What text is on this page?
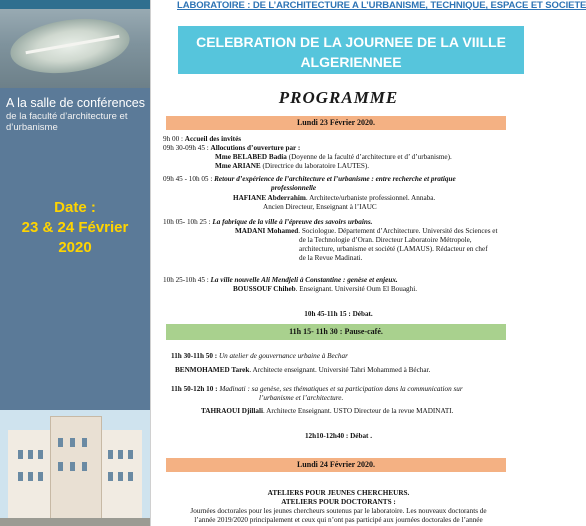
A la salle de conférences
de la faculté d’architecture et d’urbanisme
Date :
23 & 24 Février
2020
LABORATOIRE : DE L’ARCHITECTURE A L’URBANISME, TECHNIQUE, ESPACE ET SOCIETE
CELEBRATION DE LA JOURNEE DE LA VIILLE
ALGERIENNEE
PROGRAMME
Lundi 23 Février 2020.
9h 00 : Accueil des invités
09h 30-09h 45 : Allocutions d’ouverture par :
Mme BELABED Badia (Doyenne de la faculté d’architecture et d’ d’urbanisme).
Mme ARIANE (Directrice du laboratoire LAUTES).
09h 45 - 10h 05 : Retour d’expérience de l’architecture et l’urbanisme : entre recherche et pratique
professionnelle
HAFIANE Abderrahim. Architecte/urbaniste professionnel. Annaba.
Ancien Directeur, Enseignant à l’IAUC
10h 05- 10h 25 : La fabrique de la ville à l’épreuve des savoirs urbains.
MADANI Mohamed. Sociologue. Département d’Architecture. Université des Sciences et
de la Technologie d’Oran. Directeur Laboratoire Métropole,
architecture, urbanisme et société (LAMAUS). Rédacteur en chef
de la Revue Madinati.
10h 25-10h 45 : La ville nouvelle Ali Mendjeli à Constantine : genèse et enjeux.
BOUSSOUF Chiheb. Enseignant. Université Oum El Bouaghi.
10h 45-11h 15 : Débat.
11h 15- 11h 30 : Pause-café.
11h 30-11h 50 : Un atelier de gouvernance urbaine à Bechar
BENMOHAMED Tarek. Architecte enseignant. Université Tahri Mohammed à Béchar.
11h 50-12h 10 : Madinati : sa genèse, ses thématiques et sa participation dans la communication sur
l’urbanisme et l’architecture.
TAHRAOUI Djillali. Architecte Enseignant. USTO Directeur de la revue MADINATI.
12h10-12h40 : Débat .
Lundi 24 Février 2020.
ATELIERS POUR JEUNES CHERCHEURS.
ATELIERS POUR DOCTORANTS :
Journées doctorales pour les jeunes chercheurs soutenus par le laboratoire. Les nouveaux doctorants de
l’année 2019/2020 principalement et ceux qui n’ont pas participé aux journées doctorales de l’année
